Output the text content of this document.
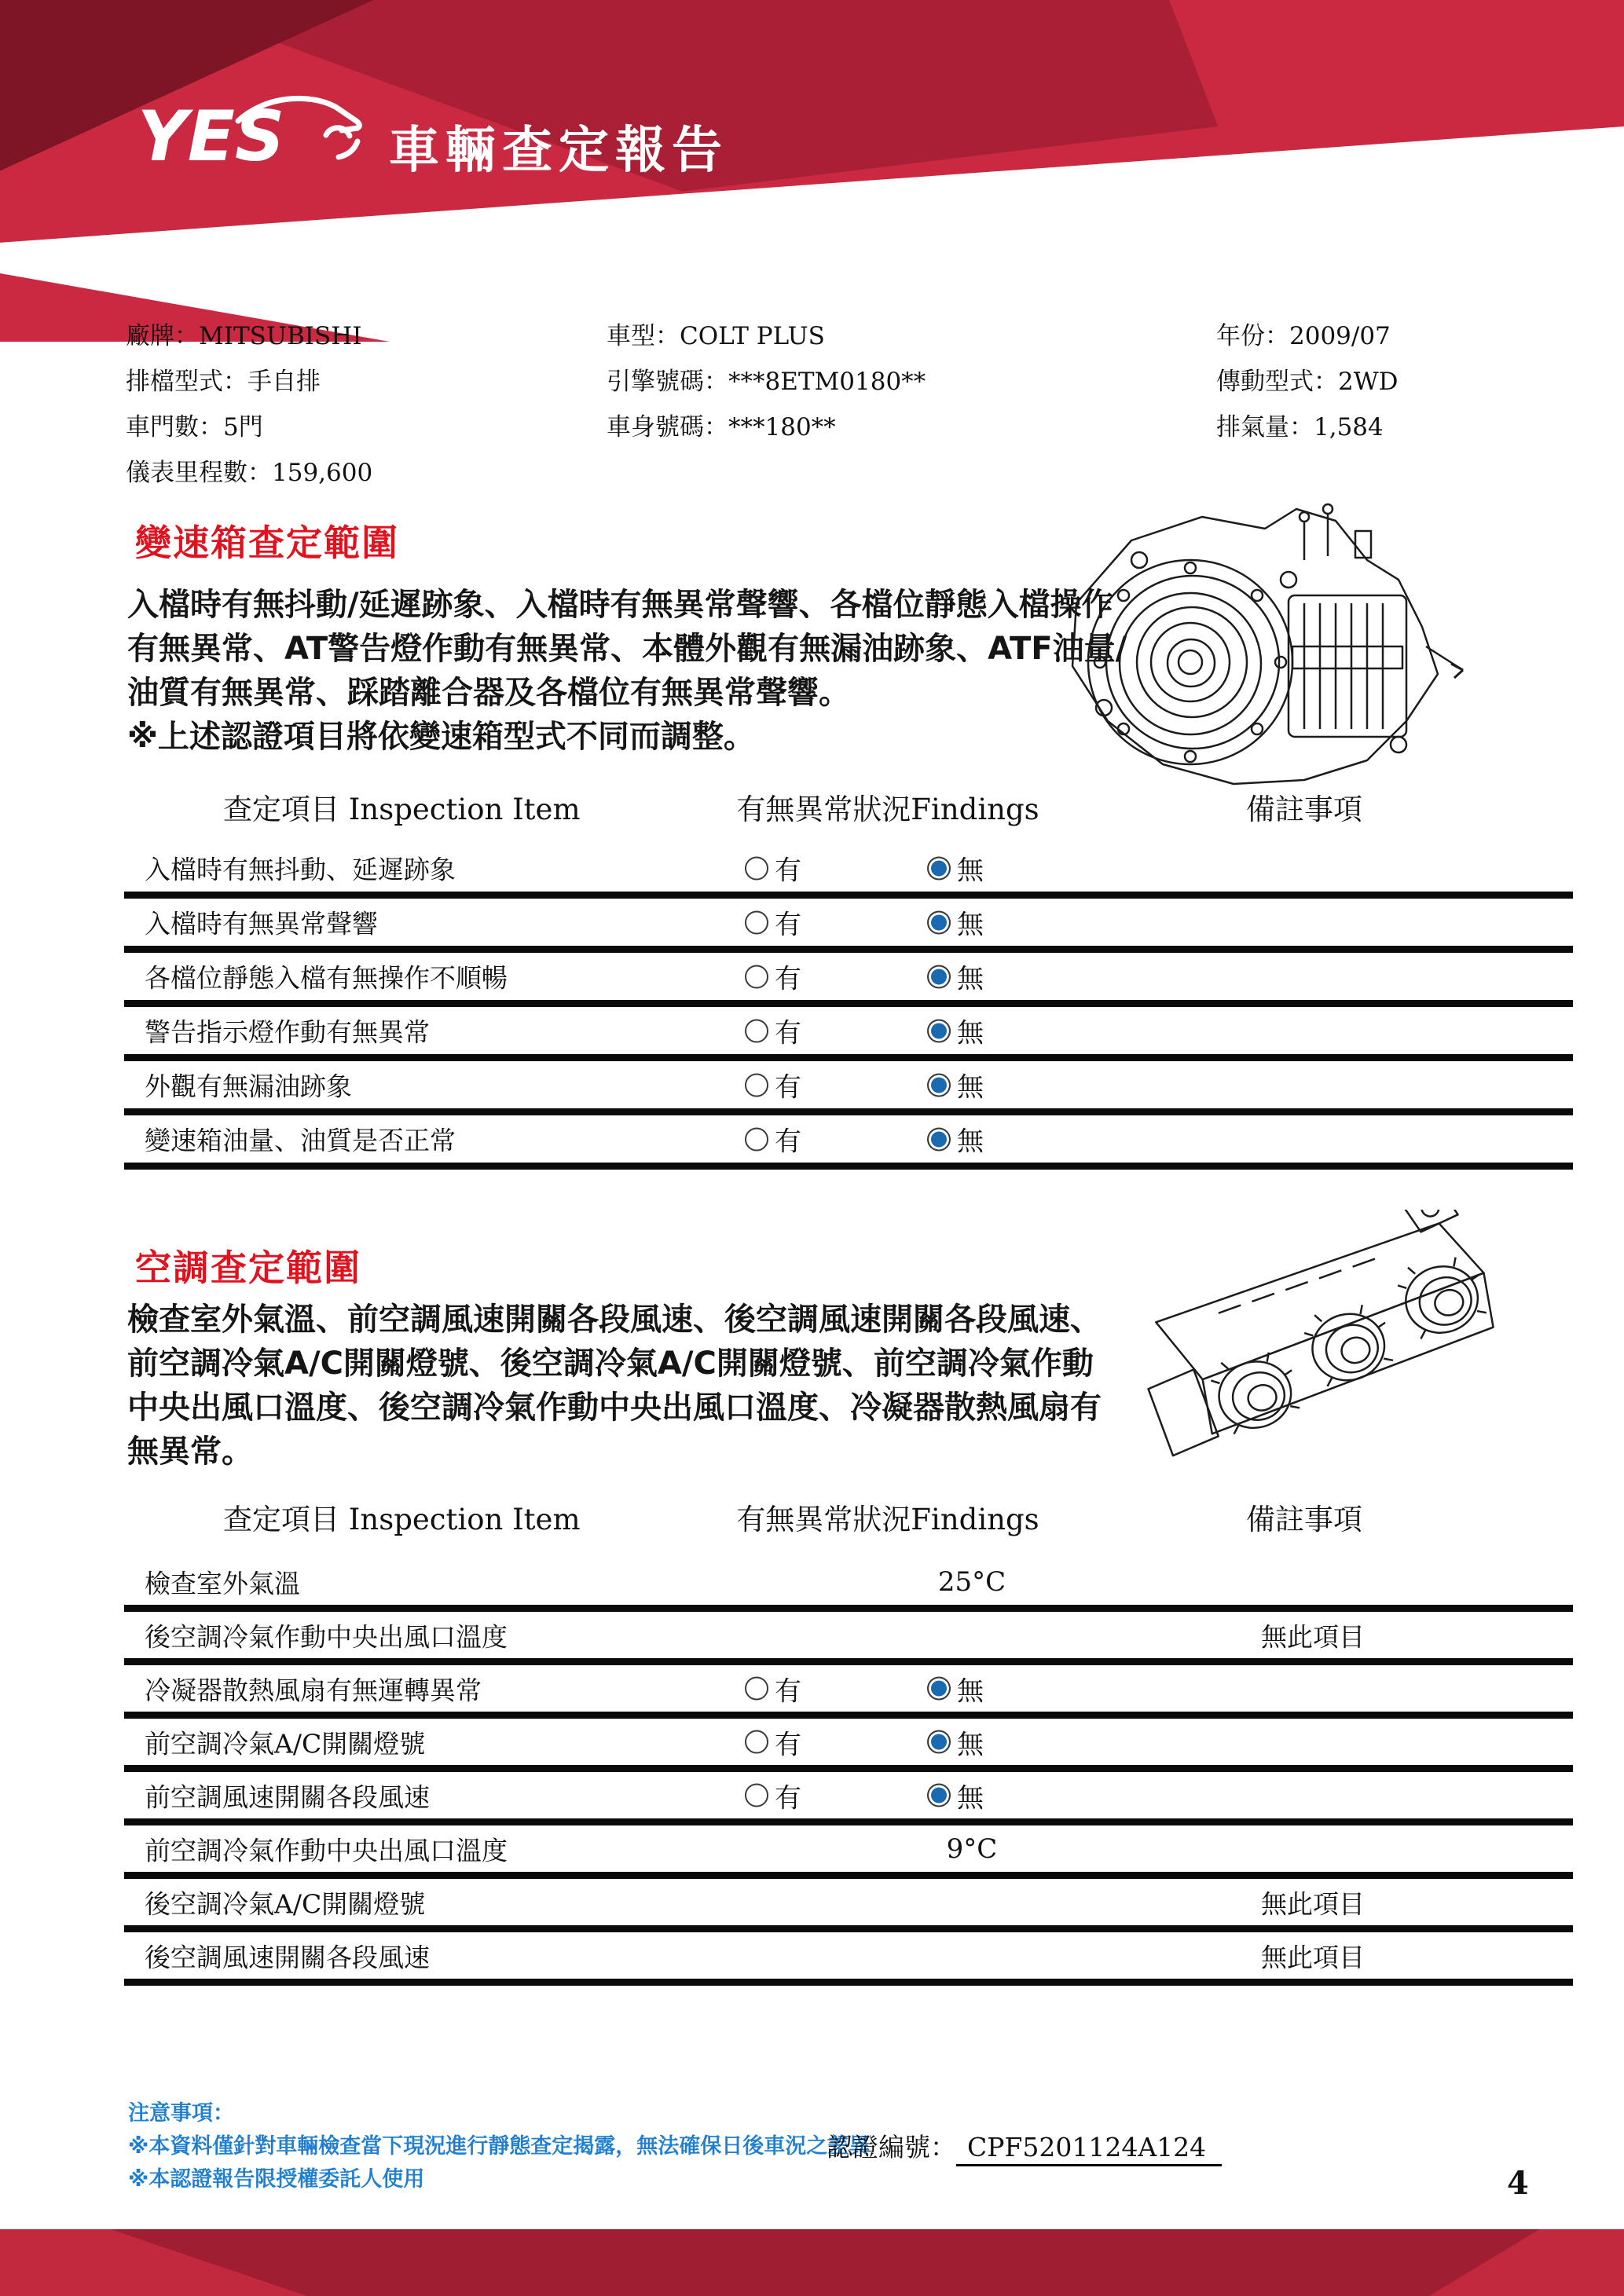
YES 車輛查定報告
廠牌：MITSUBISHI
排檔型式：手自排
車門數：5門
儀表里程數：159,600
車型：COLT PLUS
引擎號碼：***8ETM0180**
車身號碼：***180**
年份：2009/07
傳動型式：2WD
排氣量：1,584
變速箱查定範圍
入檔時有無抖動/延遲跡象、入檔時有無異常聲響、各檔位靜態入檔操作
有無異常、AT警告燈作動有無異常、本體外觀有無漏油跡象、ATF油量/
油質有無異常、踩踏離合器及各檔位有無異常聲響。
※上述認證項目將依變速箱型式不同而調整。
查定項目 Inspection Item	有無異常狀況Findings	備註事項
入檔時有無抖動、延遲跡象	有	無
入檔時有無異常聲響	有	無
各檔位靜態入檔有無操作不順暢	有	無
警告指示燈作動有無異常	有	無
外觀有無漏油跡象	有	無
變速箱油量、油質是否正常	有	無
空調查定範圍
檢查室外氣溫、前空調風速開關各段風速、後空調風速開關各段風速、
前空調冷氣A/C開關燈號、後空調冷氣A/C開關燈號、前空調冷氣作動
中央出風口溫度、後空調冷氣作動中央出風口溫度、冷凝器散熱風扇有
無異常。
查定項目 Inspection Item	有無異常狀況Findings	備註事項
檢查室外氣溫	25°C
後空調冷氣作動中央出風口溫度	無此項目
冷凝器散熱風扇有無運轉異常	有	無
前空調冷氣A/C開關燈號	有	無
前空調風速開關各段風速	有	無
前空調冷氣作動中央出風口溫度	9°C
後空調冷氣A/C開關燈號	無此項目
後空調風速開關各段風速	無此項目
注意事項：
※本資料僅針對車輛檢查當下現況進行靜態查定揭露，無法確保日後車況之差異
※本認證報告限授權委託人使用
認證編號： CPF5201124A124
4
